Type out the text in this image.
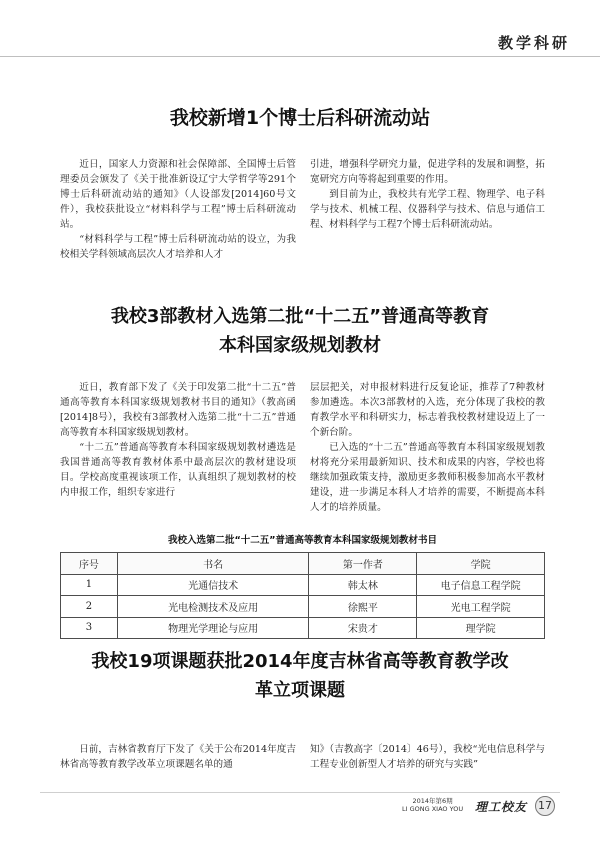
教学科研
我校新增1个博士后科研流动站

近日，国家人力资源和社会保障部、全国博士后管理委员会颁发了《关于批准新设辽宁大学哲学等291个博士后科研流动站的通知》（人设部发[2014]60号文件），我校获批设立“材料科学与工程”博士后科研流动站。

“材料科学与工程”博士后科研流动站的设立，为我校相关学科领域高层次人才培养和人才

引进，增强科学研究力量，促进学科的发展和调整，拓宽研究方向等将起到重要的作用。

到目前为止，我校共有光学工程、物理学、电子科学与技术、机械工程、仪器科学与技术、信息与通信工程、材料科学与工程7个博士后科研流动站。

我校3部教材入选第二批“十二五”普通高等教育
本科国家级规划教材

近日，教育部下发了《关于印发第二批“十二五”普通高等教育本科国家级规划教材书目的通知》（教高函[2014]8号），我校有3部教材入选第二批“十二五”普通高等教育本科国家级规划教材。

“十二五”普通高等教育本科国家级规划教材遴选是我国普通高等教育教材体系中最高层次的教材建设项目。学校高度重视该项工作，认真组织了规划教材的校内申报工作，组织专家进行

层层把关，对申报材料进行反复论证，推荐了7种教材参加遴选。本次3部教材的入选，充分体现了我校的教育教学水平和科研实力，标志着我校教材建设迈上了一个新台阶。

已入选的“十二五”普通高等教育本科国家级规划教材将充分采用最新知识、技术和成果的内容，学校也将继续加强政策支持，激励更多教师积极参加高水平教材建设，进一步满足本科人才培养的需要，不断提高本科人才的培养质量。

我校入选第二批“十二五”普通高等教育本科国家级规划教材书目
序号	书名	第一作者	学院
1	光通信技术	韩太林	电子信息工程学院
2	光电检测技术及应用	徐熙平	光电工程学院
3	物理光学理论与应用	宋贵才	理学院
我校19项课题获批2014年度吉林省高等教育教学改
革立项课题

日前，吉林省教育厅下发了《关于公布2014年度吉林省高等教育教学改革立项课题名单的通

知》（吉教高字〔2014〕46号），我校“光电信息科学与工程专业创新型人才培养的研究与实践”

2014年第6期
LI GONG XIAO YOU 理工校友 17
